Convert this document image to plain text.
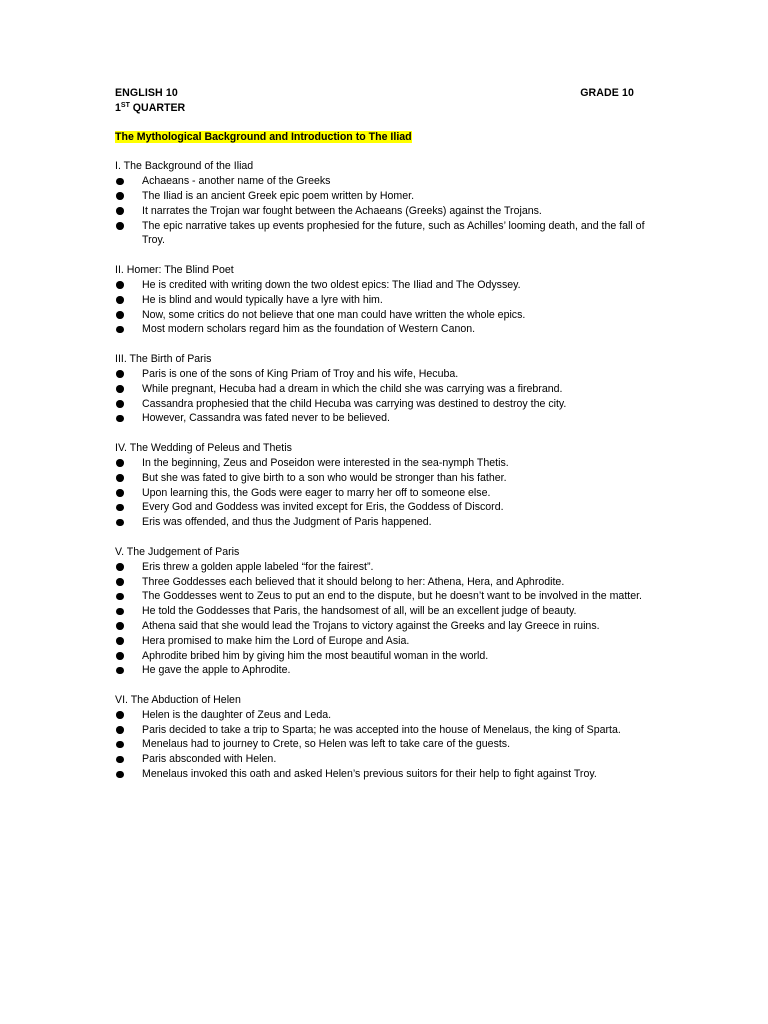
ENGLISH 10	GRADE 10
1ST QUARTER
The Mythological Background and Introduction to The Iliad
I. The Background of the Iliad
Achaeans - another name of the Greeks
The Iliad is an ancient Greek epic poem written by Homer.
It narrates the Trojan war fought between the Achaeans (Greeks) against the Trojans.
The epic narrative takes up events prophesied for the future, such as Achilles’ looming death, and the fall of Troy.
II. Homer: The Blind Poet
He is credited with writing down the two oldest epics: The Iliad and The Odyssey.
He is blind and would typically have a lyre with him.
Now, some critics do not believe that one man could have written the whole epics.
Most modern scholars regard him as the foundation of Western Canon.
III. The Birth of Paris
Paris is one of the sons of King Priam of Troy and his wife, Hecuba.
While pregnant, Hecuba had a dream in which the child she was carrying was a firebrand.
Cassandra prophesied that the child Hecuba was carrying was destined to destroy the city.
However, Cassandra was fated never to be believed.
IV. The Wedding of Peleus and Thetis
In the beginning, Zeus and Poseidon were interested in the sea-nymph Thetis.
But she was fated to give birth to a son who would be stronger than his father.
Upon learning this, the Gods were eager to marry her off to someone else.
Every God and Goddess was invited except for Eris, the Goddess of Discord.
Eris was offended, and thus the Judgment of Paris happened.
V. The Judgement of Paris
Eris threw a golden apple labeled “for the fairest”.
Three Goddesses each believed that it should belong to her: Athena, Hera, and Aphrodite.
The Goddesses went to Zeus to put an end to the dispute, but he doesn’t want to be involved in the matter.
He told the Goddesses that Paris, the handsomest of all, will be an excellent judge of beauty.
Athena said that she would lead the Trojans to victory against the Greeks and lay Greece in ruins.
Hera promised to make him the Lord of Europe and Asia.
Aphrodite bribed him by giving him the most beautiful woman in the world.
He gave the apple to Aphrodite.
VI. The Abduction of Helen
Helen is the daughter of Zeus and Leda.
Paris decided to take a trip to Sparta; he was accepted into the house of Menelaus, the king of Sparta.
Menelaus had to journey to Crete, so Helen was left to take care of the guests.
Paris absconded with Helen.
Menelaus invoked this oath and asked Helen’s previous suitors for their help to fight against Troy.
